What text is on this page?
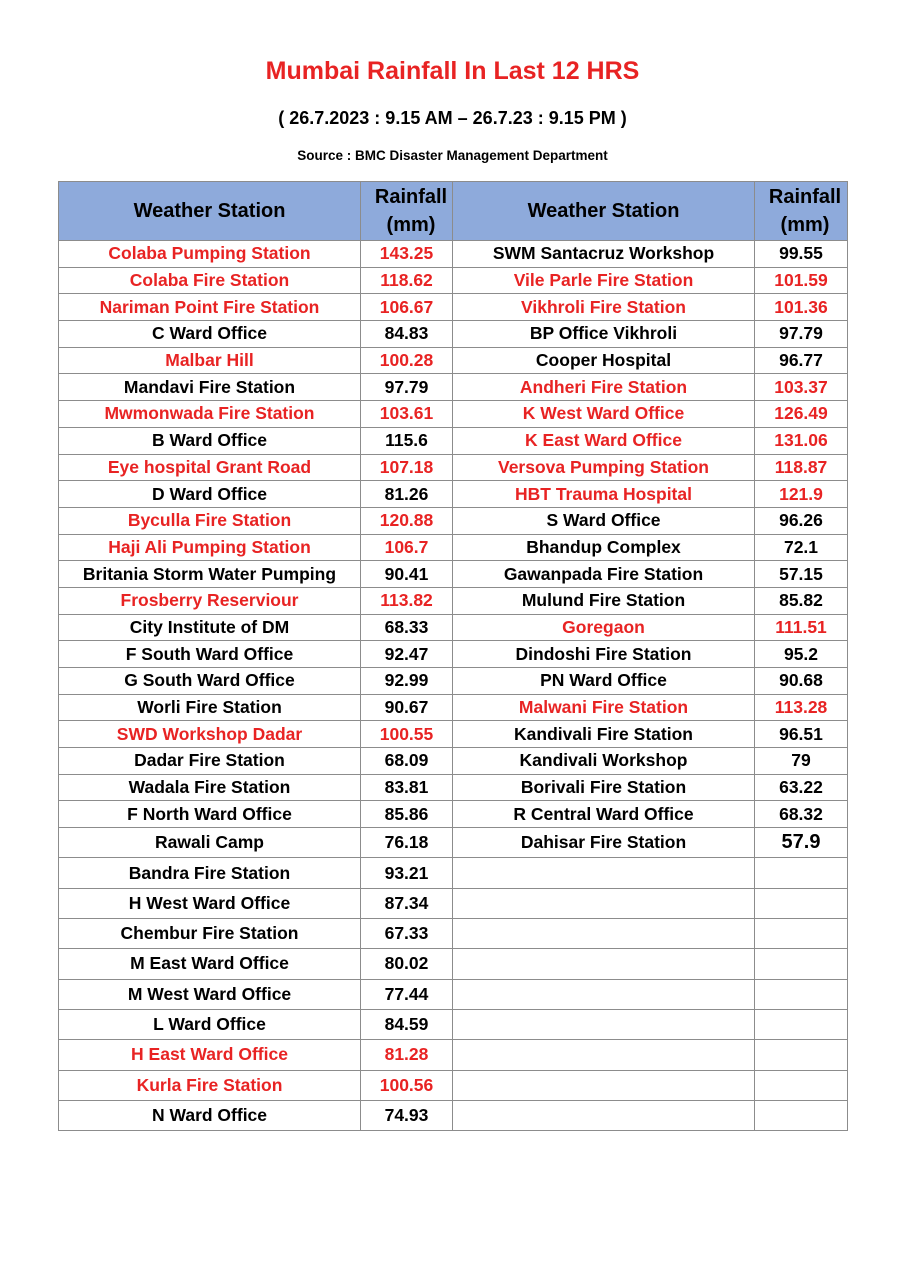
Mumbai Rainfall In Last 12 HRS
( 26.7.2023 : 9.15 AM – 26.7.23 : 9.15 PM )
Source : BMC Disaster Management Department
Weather Station	Rainfall (mm)	Weather Station	Rainfall (mm)

Colaba Pumping Station	143.25	SWM Santacruz Workshop	99.55
Colaba Fire Station	118.62	Vile Parle Fire Station	101.59
Nariman Point Fire Station	106.67	Vikhroli Fire Station	101.36
C Ward Office	84.83	BP Office Vikhroli	97.79
Malbar Hill	100.28	Cooper Hospital	96.77
Mandavi Fire Station	97.79	Andheri Fire Station	103.37
Mwmonwada Fire Station	103.61	K West Ward Office	126.49
B Ward Office	115.6	K East Ward Office	131.06
Eye hospital Grant Road	107.18	Versova Pumping Station	118.87
D Ward Office	81.26	HBT Trauma Hospital	121.9
Byculla Fire Station	120.88	S Ward Office	96.26
Haji Ali Pumping Station	106.7	Bhandup Complex	72.1
Britania Storm Water Pumping	90.41	Gawanpada Fire Station	57.15
Frosberry Reserviour	113.82	Mulund Fire Station	85.82
City Institute of DM	68.33	Goregaon	111.51
F South Ward Office	92.47	Dindoshi Fire Station	95.2
G South Ward Office	92.99	PN Ward Office	90.68
Worli Fire Station	90.67	Malwani Fire Station	113.28
SWD Workshop Dadar	100.55	Kandivali Fire Station	96.51
Dadar Fire Station	68.09	Kandivali Workshop	79
Wadala Fire Station	83.81	Borivali Fire Station	63.22
F North Ward Office	85.86	R Central Ward Office	68.32
Rawali Camp	76.18	Dahisar Fire Station	57.9
Bandra Fire Station	93.21		
H West Ward Office	87.34		
Chembur Fire Station	67.33		
M East Ward Office	80.02		
M West Ward Office	77.44		
L Ward Office	84.59		
H East Ward Office	81.28		
Kurla Fire Station	100.56		
N Ward Office	74.93		
